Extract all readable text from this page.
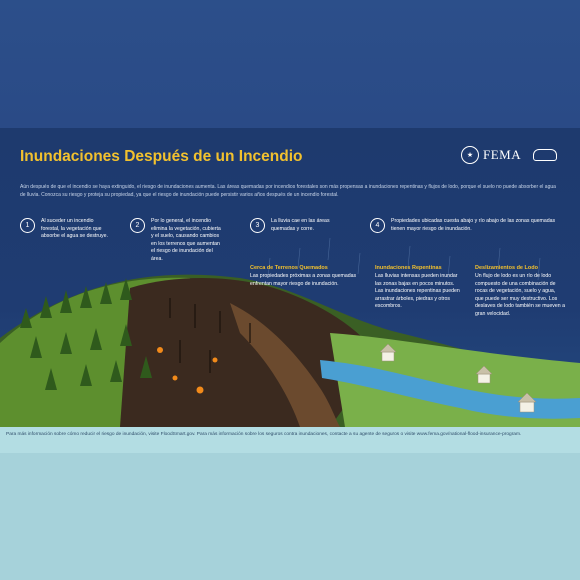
Inundaciones Después de un Incendio	★ FEMA
Aún después de que el incendio se haya extinguido, el riesgo de inundaciones aumenta. Las áreas quemadas por incendios forestales son más propensas a inundaciones repentinas y flujos de lodo, porque el suelo no puede absorber el agua de lluvia. Conozca su riesgo y proteja su propiedad, ya que el riesgo de inundación puede persistir varios años después de un incendio forestal.
1
Al suceder un incendio forestal, la vegetación que absorbe el agua se destruye.
2
Por lo general, el incendio elimina la vegetación, cubierta y el suelo, causando cambios en los terrenos que aumentan el riesgo de inundación del área.
3
La lluvia cae en las áreas quemadas y corre.	4
Propiedades ubicadas cuesta abajo y río abajo de las zonas quemadas tienen mayor riesgo de inundación.
Cerca de Terrenos Quemados
Las propiedades próximas a zonas quemadas enfrentan mayor riesgo de inundación.
Inundaciones Repentinas
Las lluvias intensas pueden inundar las zonas bajas en pocos minutos. Las inundaciones repentinas pueden arrastrar árboles, piedras y otros escombros.
Deslizamientos de Lodo
Un flujo de lodo es un río de lodo compuesto de una combinación de rocas de vegetación, suelo y agua, que puede ser muy destructivo. Los deslaves de lodo también se mueven a gran velocidad.
Para más información sobre cómo reducir el riesgo de inundación, visite FloodSmart.gov. Para más información sobre los seguros contra inundaciones, contacte a su agente de seguros o visite www.fema.gov/national-flood-insurance-program.
